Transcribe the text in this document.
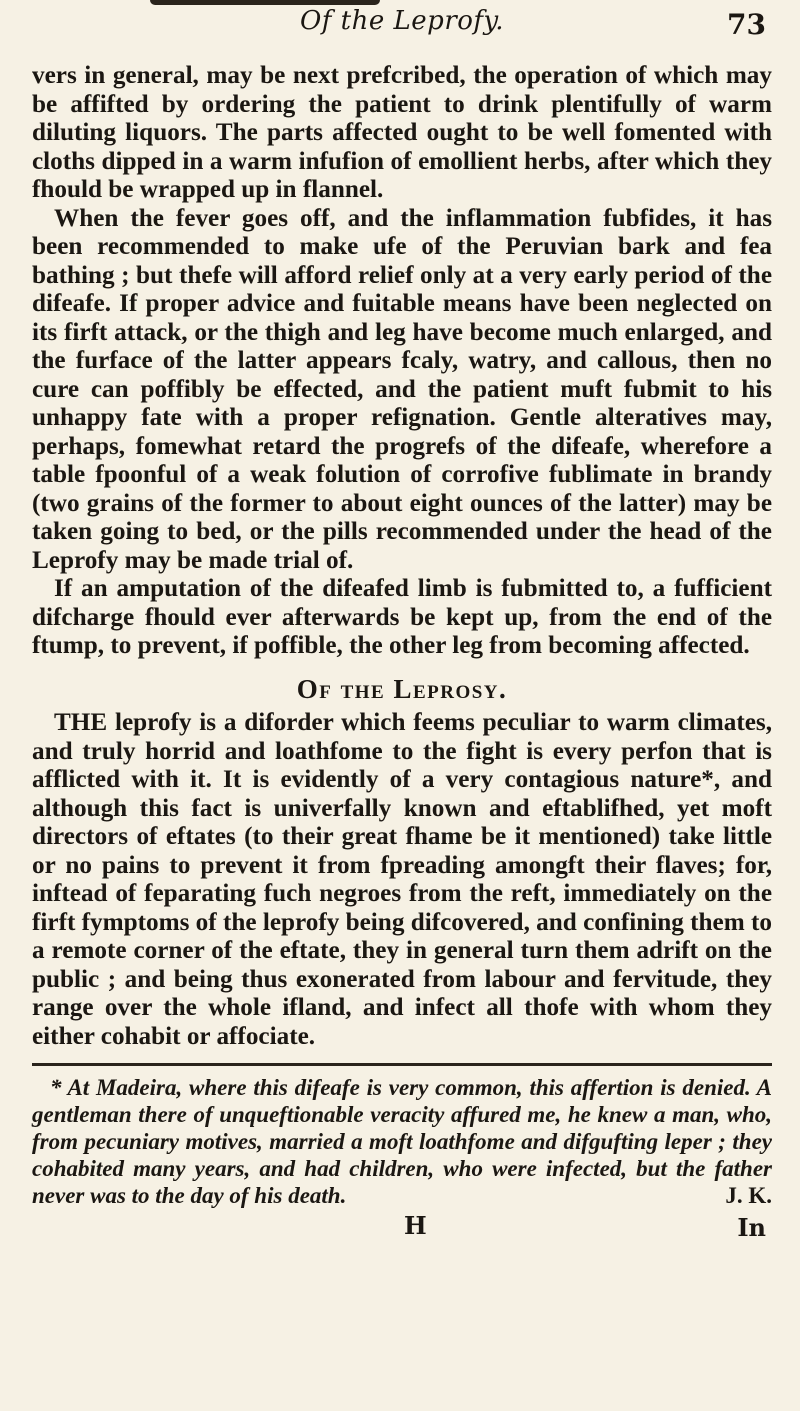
Of the Leprofy.	73

vers in general, may be next prefcribed, the operation of which may be affifted by ordering the patient to drink plentifully of warm diluting liquors. The parts affected ought to be well fomented with cloths dipped in a warm infufion of emollient herbs, after which they fhould be wrapped up in flannel.

When the fever goes off, and the inflammation fubfides, it has been recommended to make ufe of the Peruvian bark and fea bathing ; but thefe will afford relief only at a very early period of the difeafe. If proper advice and fuitable means have been neglected on its firft attack, or the thigh and leg have become much enlarged, and the furface of the latter appears fcaly, watry, and callous, then no cure can poffibly be effected, and the patient muft fubmit to his unhappy fate with a proper refignation. Gentle alteratives may, perhaps, fomewhat retard the progrefs of the difeafe, wherefore a table fpoonful of a weak folution of corrofive fublimate in brandy (two grains of the former to about eight ounces of the latter) may be taken going to bed, or the pills recommended under the head of the Leprofy may be made trial of.

If an amputation of the difeafed limb is fubmitted to, a fufficient difcharge fhould ever afterwards be kept up, from the end of the ftump, to prevent, if poffible, the other leg from becoming affected.

Of the Leprosy.

THE leprofy is a diforder which feems peculiar to warm climates, and truly horrid and loathfome to the fight is every perfon that is afflicted with it. It is evidently of a very contagious nature*, and although this fact is univerfally known and eftablifhed, yet moft directors of eftates (to their great fhame be it mentioned) take little or no pains to prevent it from fpreading amongft their flaves; for, inftead of feparating fuch negroes from the reft, immediately on the firft fymptoms of the leprofy being difcovered, and confining them to a remote corner of the eftate, they in general turn them adrift on the public ; and being thus exonerated from labour and fervitude, they range over the whole ifland, and infect all thofe with whom they either cohabit or affociate.

* At Madeira, where this difeafe is very common, this affertion is denied. A gentleman there of unqueftionable veracity affured me, he knew a man, who, from pecuniary motives, married a moft loathfome and difgufting leper ; they cohabited many years, and had children, who were infected, but the father never was to the day of his death.	J. K.

H	In
